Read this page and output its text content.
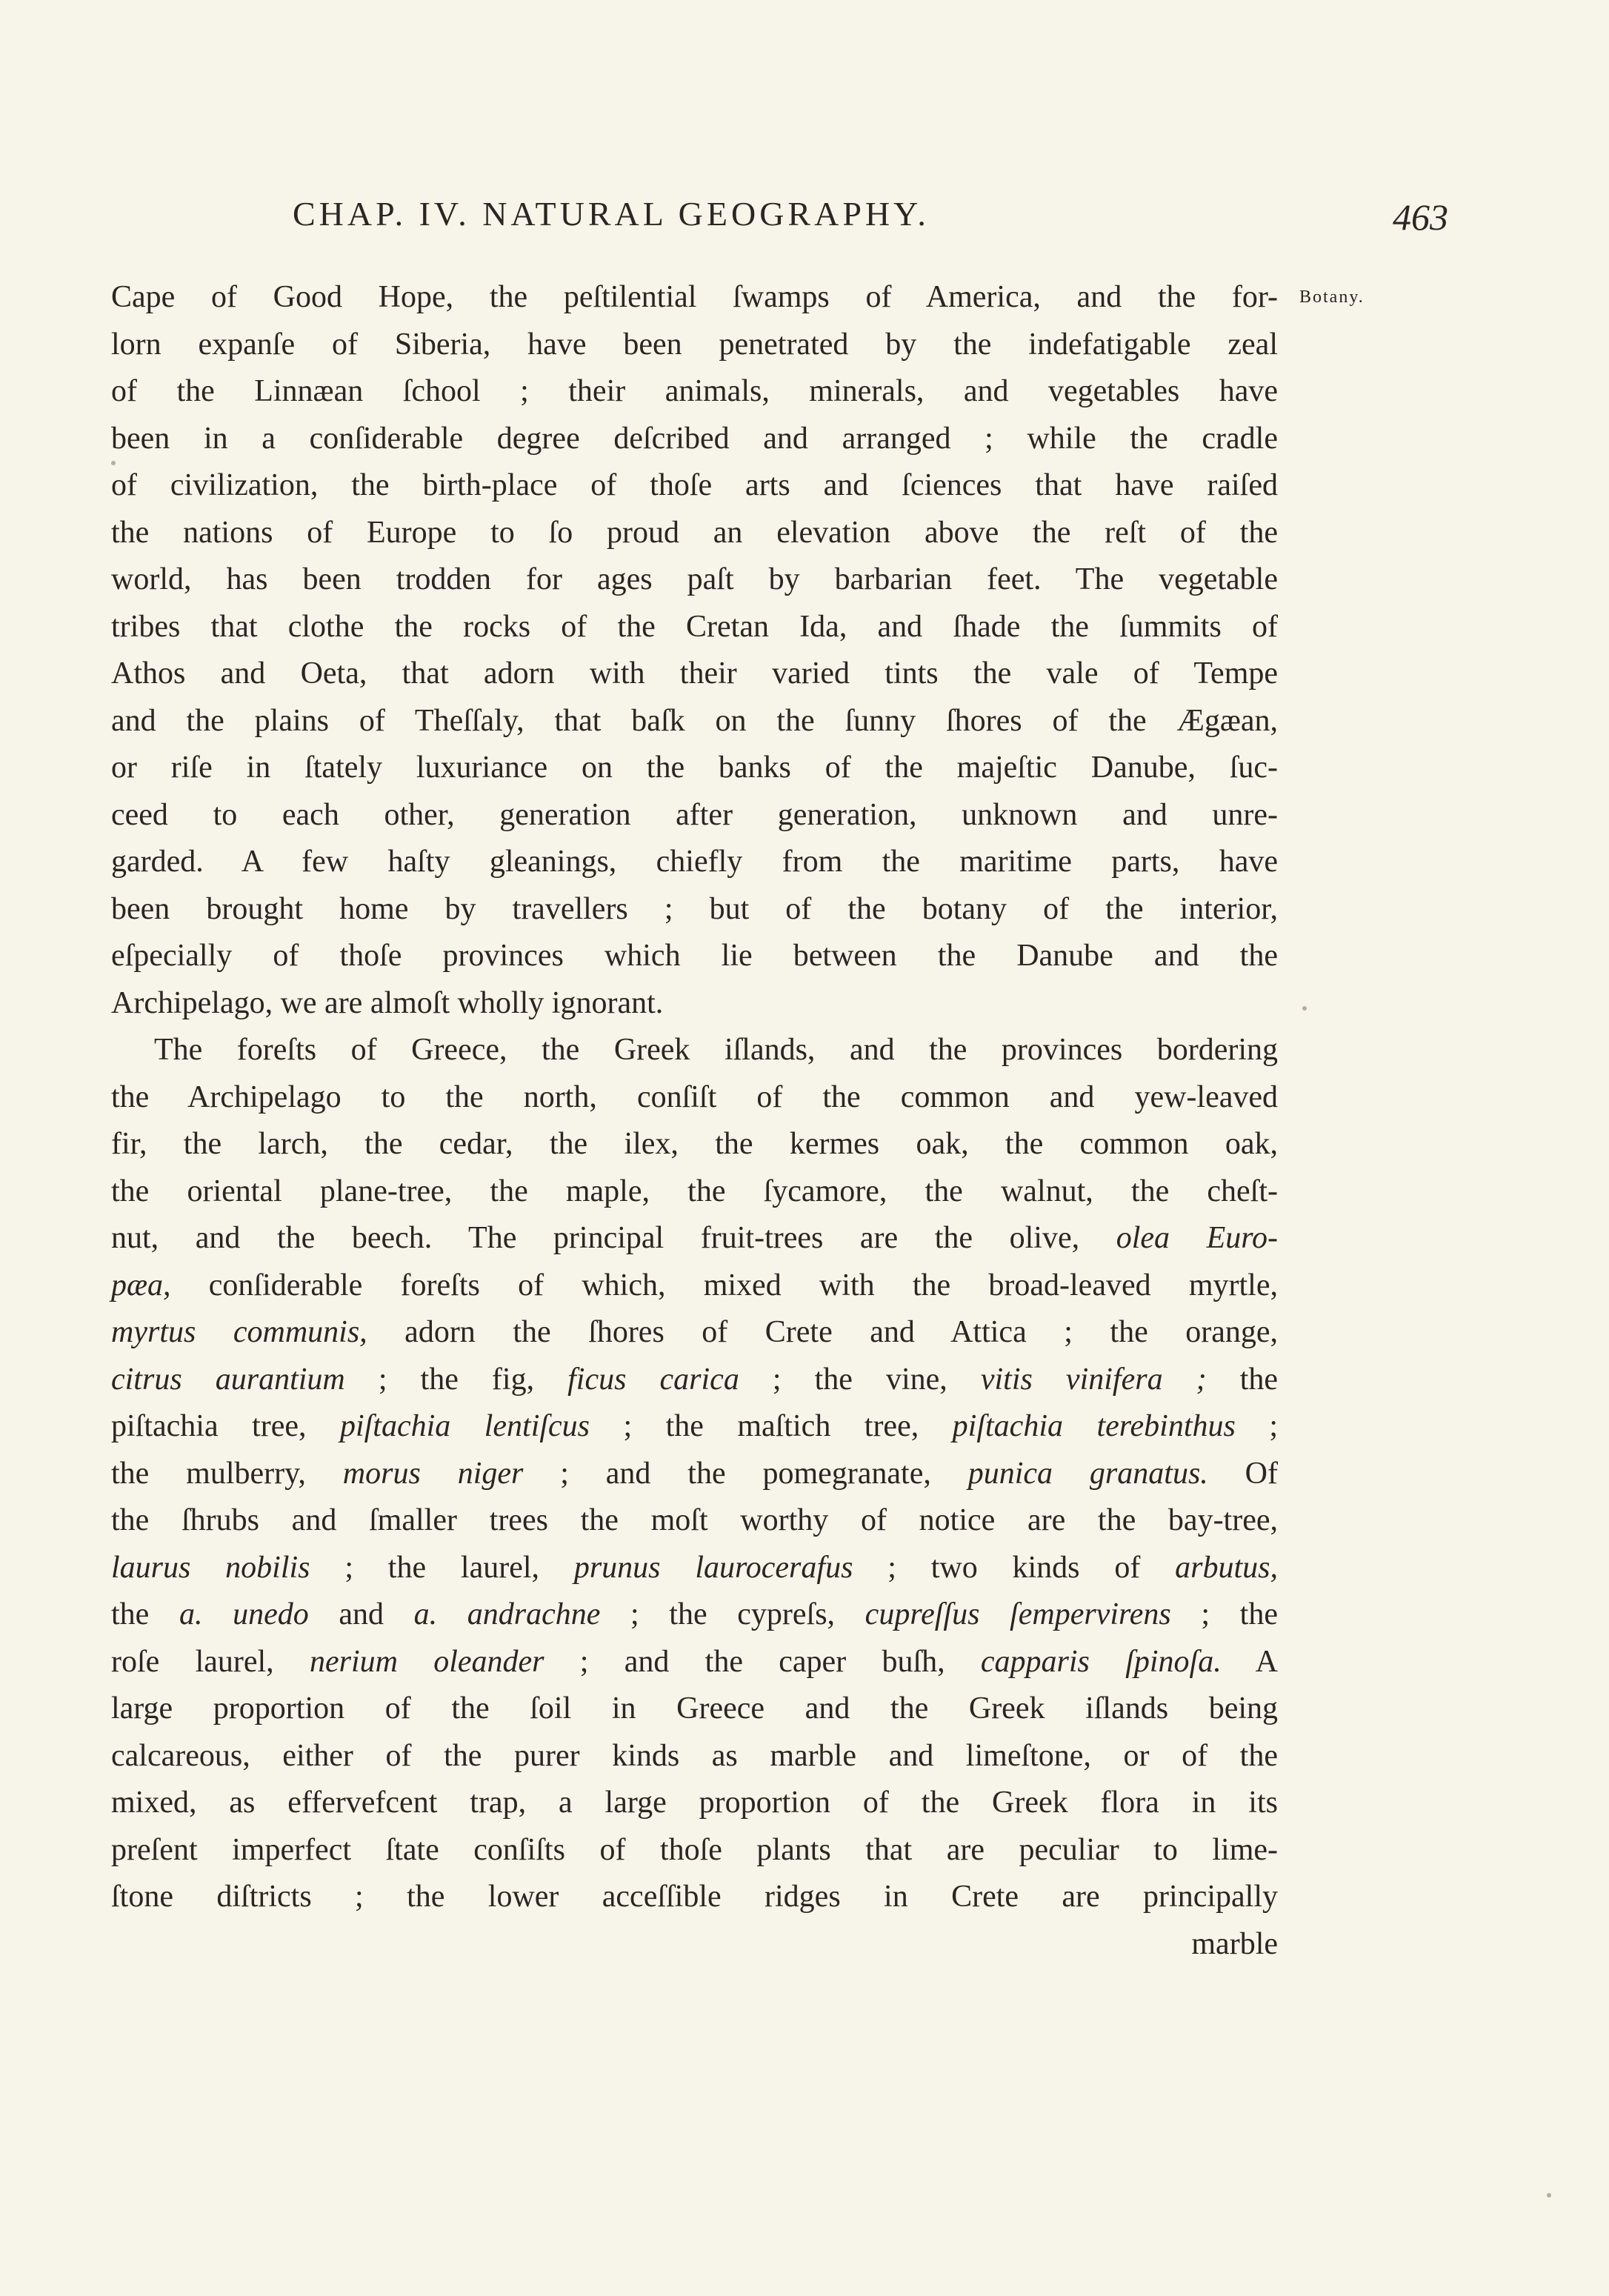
CHAP. IV. NATURAL GEOGRAPHY.	463
Botany.
Cape of Good Hope, the peſtilential ſwamps of America, and the for-
lorn expanſe of Siberia, have been penetrated by the indefatigable zeal
of the Linnæan ſchool ; their animals, minerals, and vegetables have
been in a conſiderable degree deſcribed and arranged ; while the cradle
of civilization, the birth-place of thoſe arts and ſciences that have raiſed
the nations of Europe to ſo proud an elevation above the reſt of the
world, has been trodden for ages paſt by barbarian feet. The vegetable
tribes that clothe the rocks of the Cretan Ida, and ſhade the ſummits of
Athos and Oeta, that adorn with their varied tints the vale of Tempe
and the plains of Theſſaly, that baſk on the ſunny ſhores of the Ægæan,
or riſe in ſtately luxuriance on the banks of the majeſtic Danube, ſuc-
ceed to each other, generation after generation, unknown and unre-
garded. A few haſty gleanings, chiefly from the maritime parts, have
been brought home by travellers ; but of the botany of the interior,
eſpecially of thoſe provinces which lie between the Danube and the
Archipelago, we are almoſt wholly ignorant.
The foreſts of Greece, the Greek iſlands, and the provinces bordering
the Archipelago to the north, conſiſt of the common and yew-leaved
fir, the larch, the cedar, the ilex, the kermes oak, the common oak,
the oriental plane-tree, the maple, the ſycamore, the walnut, the cheſt-
nut, and the beech. The principal fruit-trees are the olive, olea Euro-
pæa, conſiderable foreſts of which, mixed with the broad-leaved myrtle,
myrtus communis, adorn the ſhores of Crete and Attica ; the orange,
citrus aurantium ; the fig, ficus carica ; the vine, vitis vinifera ; the
piſtachia tree, piſtachia lentiſcus ; the maſtich tree, piſtachia terebinthus ;
the mulberry, morus niger ; and the pomegranate, punica granatus. Of
the ſhrubs and ſmaller trees the moſt worthy of notice are the bay-tree,
laurus nobilis ; the laurel, prunus laurocerafus ; two kinds of arbutus,
the a. unedo and a. andrachne ; the cypreſs, cupreſſus ſempervirens ; the
roſe laurel, nerium oleander ; and the caper buſh, capparis ſpinoſa. A
large proportion of the ſoil in Greece and the Greek iſlands being
calcareous, either of the purer kinds as marble and limeſtone, or of the
mixed, as effervefcent trap, a large proportion of the Greek flora in its
preſent imperfect ſtate conſiſts of thoſe plants that are peculiar to lime-
ſtone diſtricts ; the lower acceſſible ridges in Crete are principally
marble
